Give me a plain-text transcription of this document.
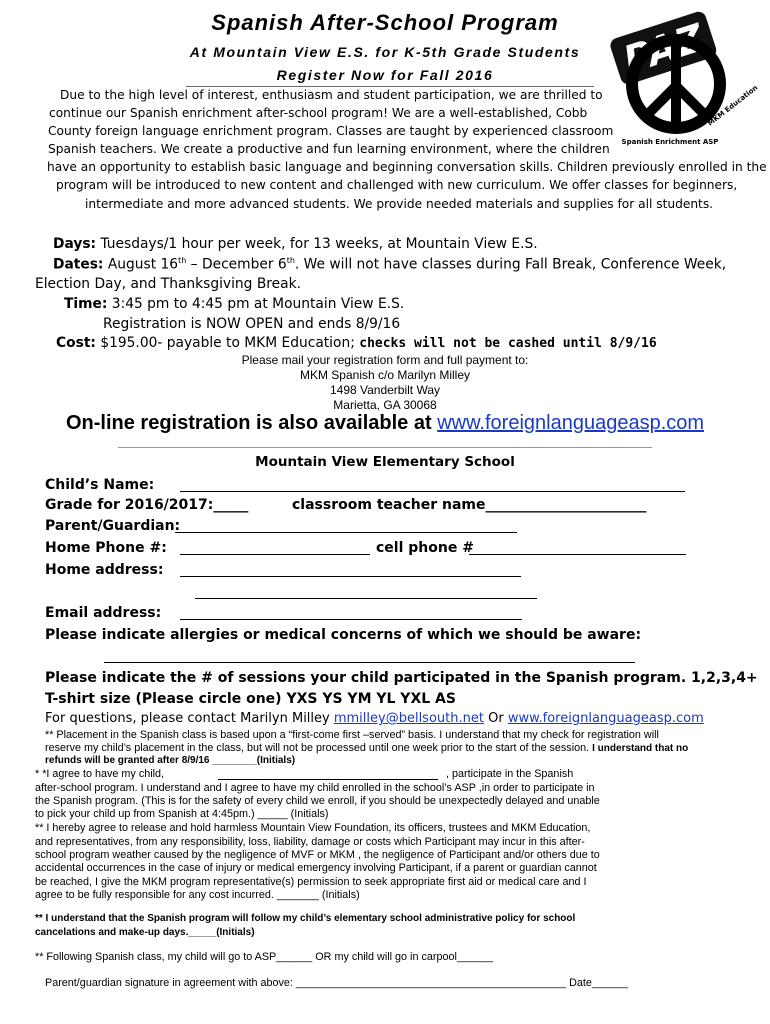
Spanish After-School Program
At Mountain View E.S. for K-5th Grade Students
Register Now for Fall 2016	PAZ
MKM Education
Spanish Enrichment ASP
Due to the high level of interest, enthusiasm and student participation, we are thrilled to
continue our Spanish enrichment after-school program! We are a well-established, Cobb
County foreign language enrichment program. Classes are taught by experienced classroom
Spanish teachers. We create a productive and fun learning environment, where the children
have an opportunity to establish basic language and beginning conversation skills. Children previously enrolled in the
program will be introduced to new content and challenged with new curriculum. We offer classes for beginners,
intermediate and more advanced students. We provide needed materials and supplies for all students.
Days: Tuesdays/1 hour per week, for 13 weeks, at Mountain View E.S.
Dates: August 16th – December 6th. We will not have classes during Fall Break, Conference Week,
Election Day, and Thanksgiving Break.
Time: 3:45 pm to 4:45 pm at Mountain View E.S.
Registration is NOW OPEN and ends 8/9/16
Cost: $195.00- payable to MKM Education; checks will not be cashed until 8/9/16
Please mail your registration form and full payment to:
MKM Spanish c/o Marilyn Milley
1498 Vanderbilt Way
Marietta, GA 30068
On-line registration is also available at www.foreignlanguageasp.com
Mountain View Elementary School
Child’s Name:
Grade for 2016/2017:_____	classroom teacher name_______________________
Parent/Guardian:
Home Phone #:	cell phone #
Home address:
Email address:
Please indicate allergies or medical concerns of which we should be aware:
Please indicate the # of sessions your child participated in the Spanish program. 1,2,3,4+
T-shirt size (Please circle one) YXS YS YM YL YXL AS
For questions, please contact Marilyn Milley mmilley@bellsouth.net Or www.foreignlanguageasp.com
** Placement in the Spanish class is based upon a “first-come first –served” basis. I understand that my check for registration will
reserve my child’s placement in the class, but will not be processed until one week prior to the start of the session. I understand that no
refunds will be granted after 8/9/16 ________(Initials)
* *I agree to have my child,	, participate in the Spanish
after-school program. I understand and I agree to have my child enrolled in the school’s ASP ,in order to participate in
the Spanish program. (This is for the safety of every child we enroll, if you should be unexpectedly delayed and unable
to pick your child up from Spanish at 4:45pm.) _____ (Initials)
** I hereby agree to release and hold harmless Mountain View Foundation, its officers, trustees and MKM Education,
and representatives, from any responsibility, loss, liability, damage or costs which Participant may incur in this after-
school program weather caused by the negligence of MVF or MKM , the negligence of Participant and/or others due to
accidental occurrences in the case of injury or medical emergency involving Participant, if a parent or guardian cannot
be reached, I give the MKM program representative(s) permission to seek appropriate first aid or medical care and I
agree to be fully responsible for any cost incurred. _______ (Initials)
** I understand that the Spanish program will follow my child’s elementary school administrative policy for school
cancelations and make-up days._____(Initials)
** Following Spanish class, my child will go to ASP______ OR my child will go in carpool______
Parent/guardian signature in agreement with above: _____________________________________________ Date______
